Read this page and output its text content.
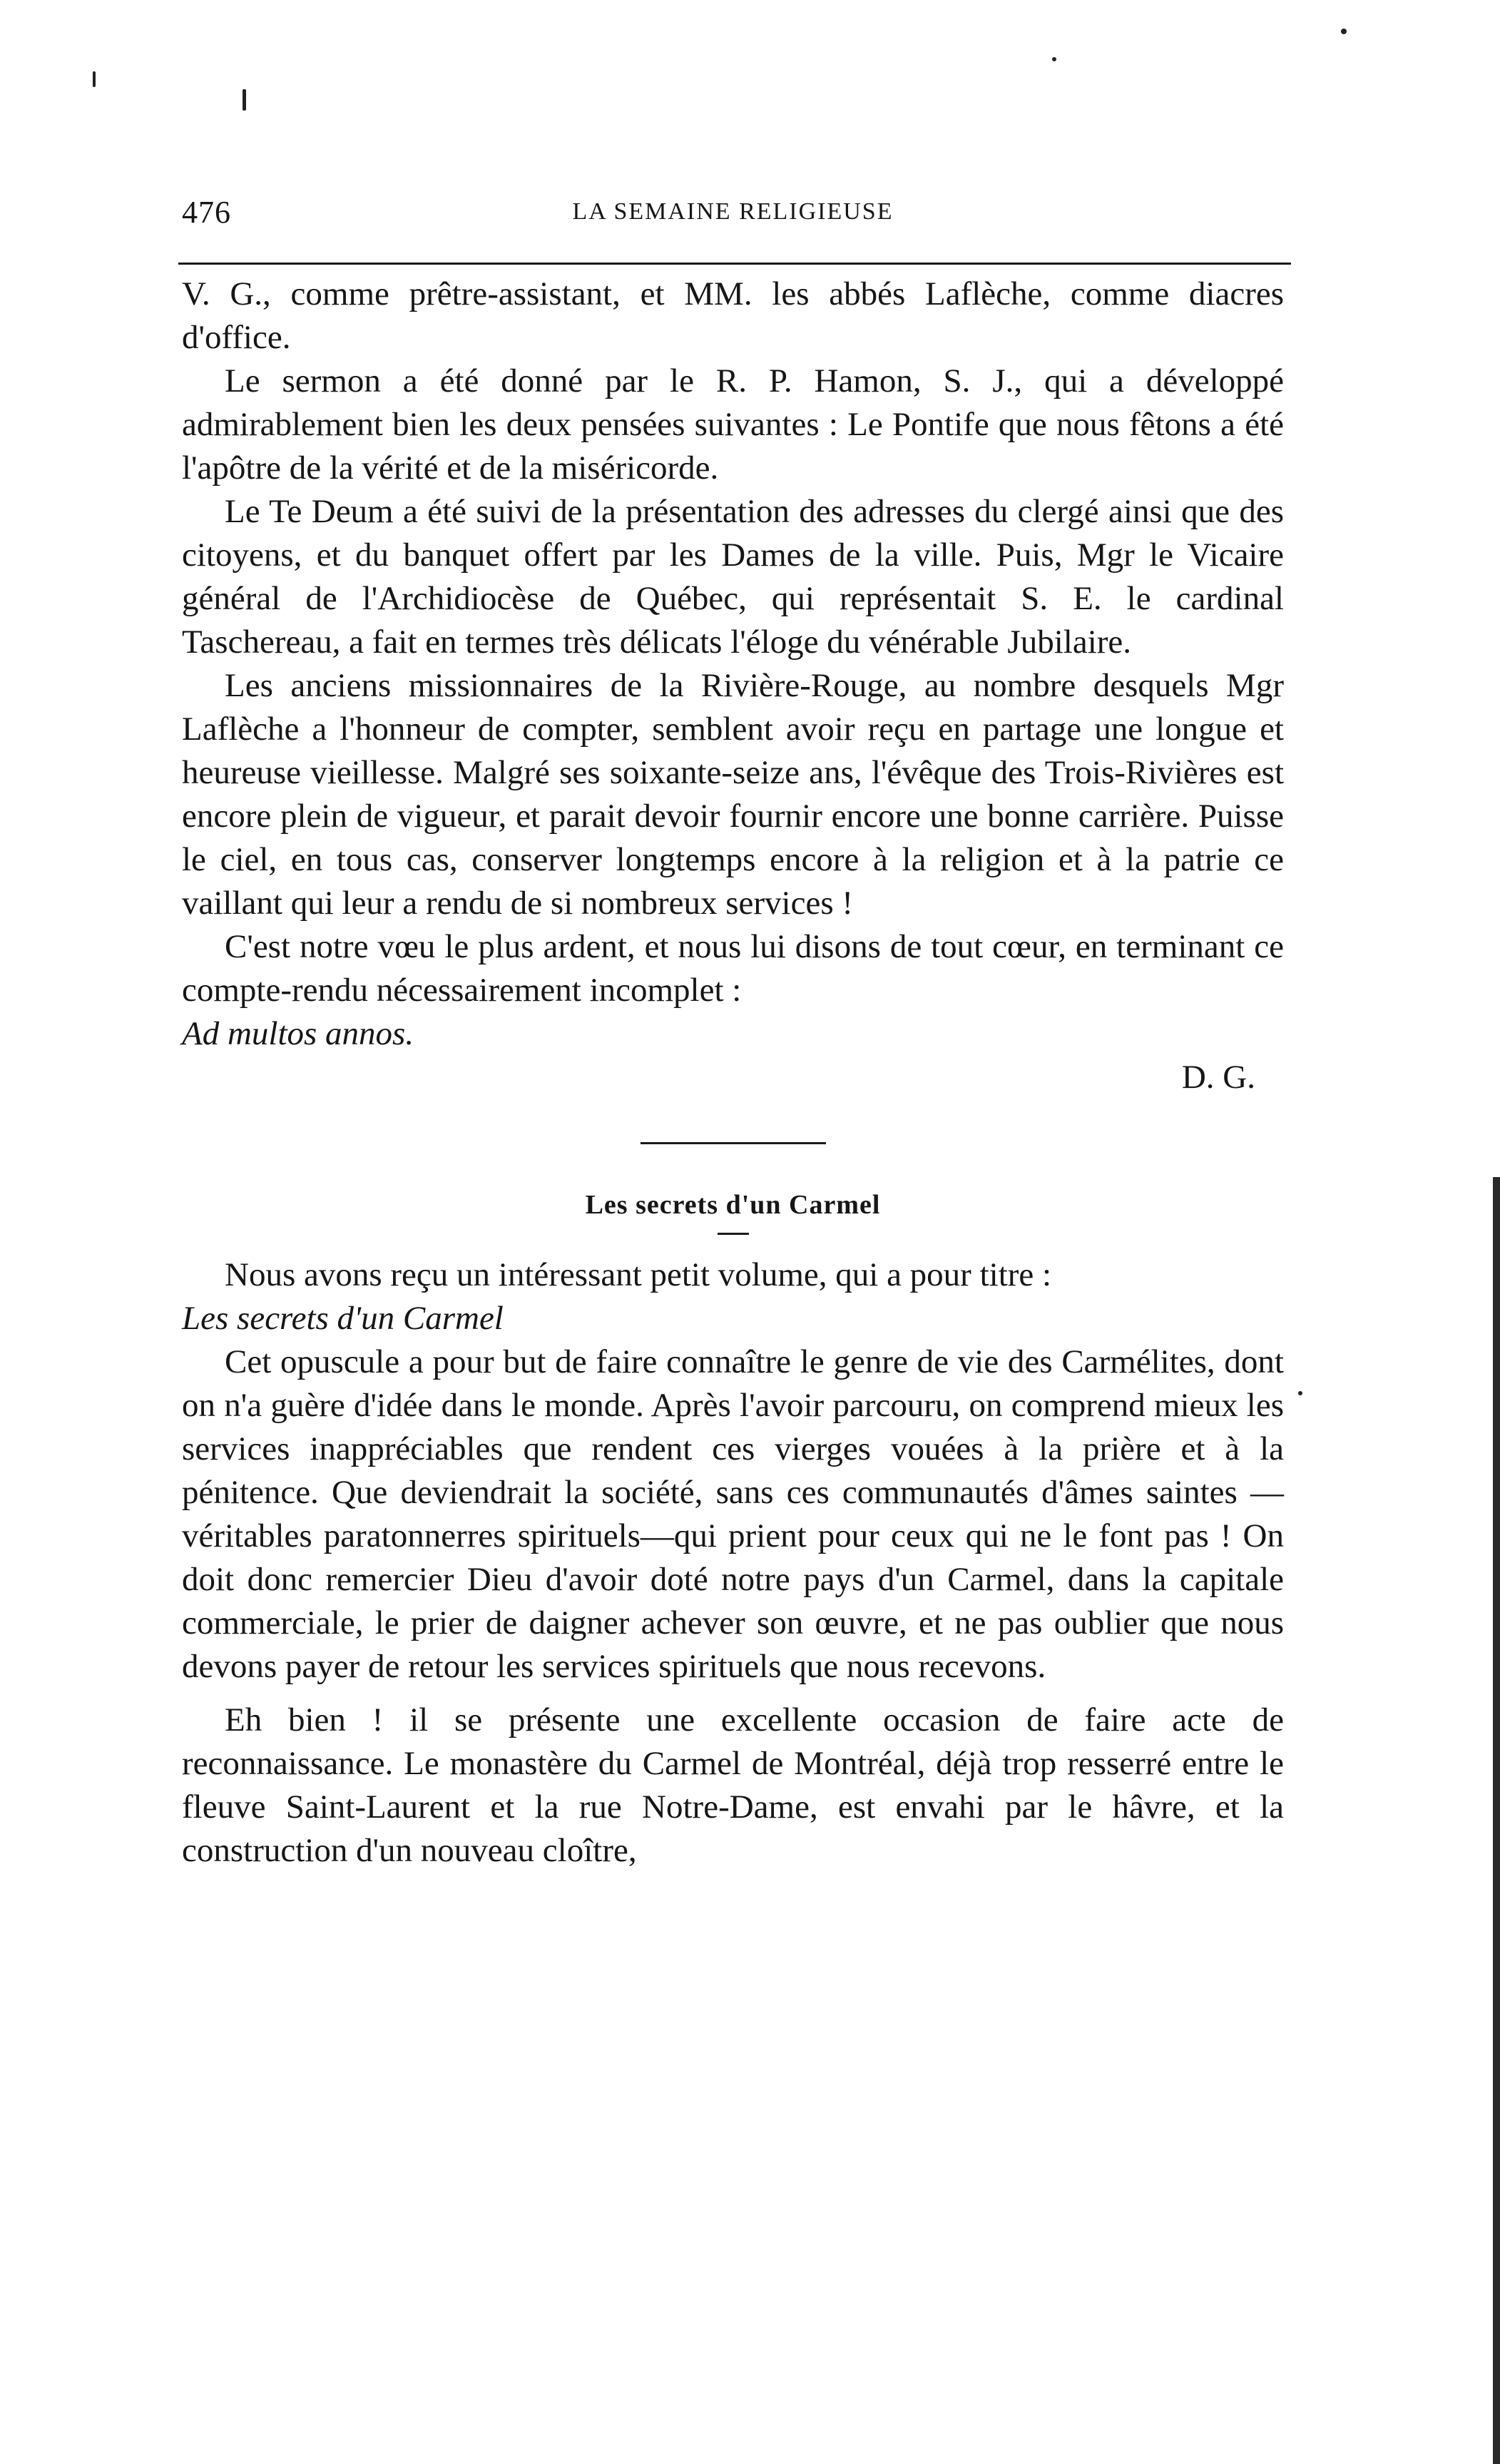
476	LA SEMAINE RELIGIEUSE

V. G., comme prêtre-assistant, et MM. les abbés Laflèche, comme diacres d'office.

Le sermon a été donné par le R. P. Hamon, S. J., qui a développé admirablement bien les deux pensées suivantes : Le Pontife que nous fêtons a été l'apôtre de la vérité et de la miséricorde.

Le Te Deum a été suivi de la présentation des adresses du clergé ainsi que des citoyens, et du banquet offert par les Dames de la ville. Puis, Mgr le Vicaire général de l'Archidiocèse de Québec, qui représentait S. E. le cardinal Taschereau, a fait en termes très délicats l'éloge du vénérable Jubilaire.

Les anciens missionnaires de la Rivière-Rouge, au nombre desquels Mgr Laflèche a l'honneur de compter, semblent avoir reçu en partage une longue et heureuse vieillesse. Malgré ses soixante-seize ans, l'évêque des Trois-Rivières est encore plein de vigueur, et parait devoir fournir encore une bonne carrière. Puisse le ciel, en tous cas, conserver longtemps encore à la religion et à la patrie ce vaillant qui leur a rendu de si nombreux services !

C'est notre vœu le plus ardent, et nous lui disons de tout cœur, en terminant ce compte-rendu nécessairement incomplet :

Ad multos annos.

D. G.
Les secrets d'un Carmel

Nous avons reçu un intéressant petit volume, qui a pour titre :

Les secrets d'un Carmel

Cet opuscule a pour but de faire connaître le genre de vie des Carmélites, dont on n'a guère d'idée dans le monde. Après l'avoir parcouru, on comprend mieux les services inappréciables que rendent ces vierges vouées à la prière et à la pénitence. Que deviendrait la société, sans ces communautés d'âmes saintes —véritables paratonnerres spirituels—qui prient pour ceux qui ne le font pas ! On doit donc remercier Dieu d'avoir doté notre pays d'un Carmel, dans la capitale commerciale, le prier de daigner achever son œuvre, et ne pas oublier que nous devons payer de retour les services spirituels que nous recevons.

Eh bien ! il se présente une excellente occasion de faire acte de reconnaissance. Le monastère du Carmel de Montréal, déjà trop resserré entre le fleuve Saint-Laurent et la rue Notre-Dame, est envahi par le hâvre, et la construction d'un nouveau cloître,
